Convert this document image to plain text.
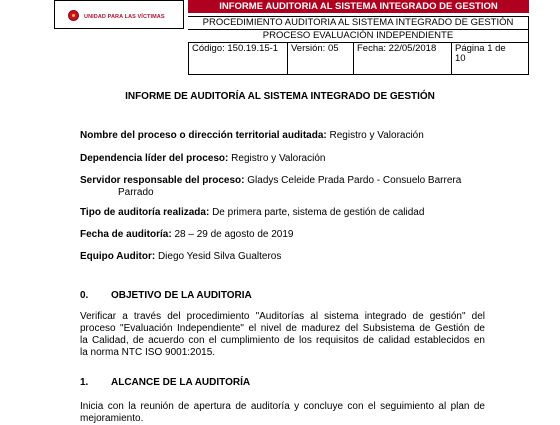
UNIDAD PARA LAS VÍCTIMAS
INFORME AUDITORIA AL SISTEMA INTEGRADO DE GESTION
PROCEDIMIENTO AUDITORIA AL SISTEMA INTEGRADO DE GESTIÓN
PROCESO EVALUACIÓN INDEPENDIENTE
Código: 150.19.15-1	Versión: 05	Fecha: 22/05/2018	Página 1 de
10
INFORME DE AUDITORÍA AL SISTEMA INTEGRADO DE GESTIÓN
Nombre del proceso o dirección territorial auditada: Registro y Valoración
Dependencia líder del proceso: Registro y Valoración
Servidor responsable del proceso: Gladys Celeide Prada Pardo - Consuelo Barrera
Parrado
Tipo de auditoría realizada: De primera parte, sistema de gestión de calidad
Fecha de auditoría: 28 – 29 de agosto de 2019
Equipo Auditor: Diego Yesid Silva Gualteros
0. OBJETIVO DE LA AUDITORIA
Verificar a través del procedimiento "Auditorías al sistema integrado de gestión" del
proceso "Evaluación Independiente" el nivel de madurez del Subsistema de Gestión de
la Calidad, de acuerdo con el cumplimiento de los requisitos de calidad establecidos en
la norma NTC ISO 9001:2015.
1. ALCANCE DE LA AUDITORÍA
Inicia con la reunión de apertura de auditoría y concluye con el seguimiento al plan de
mejoramiento.
